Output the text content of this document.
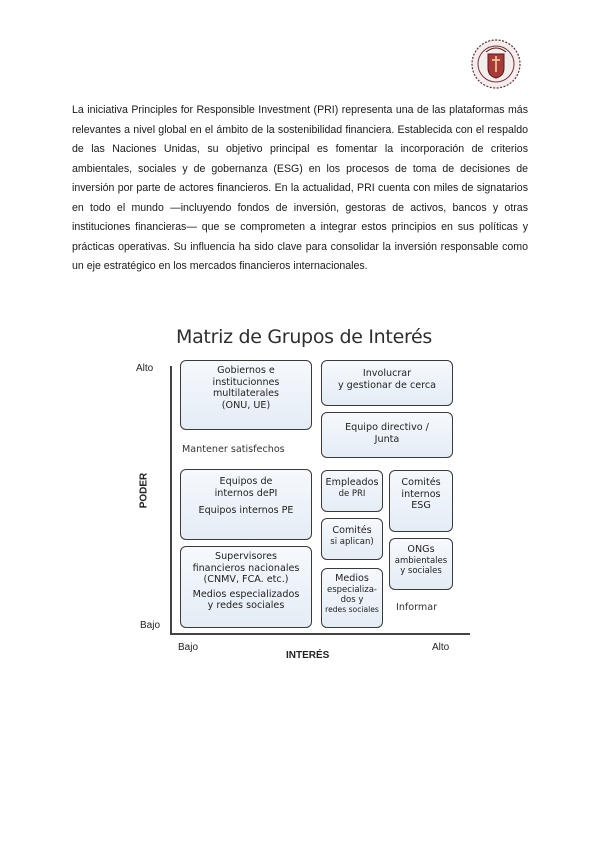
La iniciativa Principles for Responsible Investment (PRI) representa una de las plataformas más relevantes a nivel global en el ámbito de la sostenibilidad financiera. Establecida con el respaldo de las Naciones Unidas, su objetivo principal es fomentar la incorporación de criterios ambientales, sociales y de gobernanza (ESG) en los procesos de toma de decisiones de inversión por parte de actores financieros. En la actualidad, PRI cuenta con miles de signatarios en todo el mundo —incluyendo fondos de inversión, gestoras de activos, bancos y otras instituciones financieras— que se comprometen a integrar estos principios en sus políticas y prácticas operativas. Su influencia ha sido clave para consolidar la inversión responsable como un eje estratégico en los mercados financieros internacionales.

Matriz de Grupos de Interés
Alto
Bajo
Bajo	Alto
INTERÉS
PODER
Gobiernos e
institucionnes
multilaterales
(ONU, UE)
Mantener satisfechos
Equipos de
internos dePI
Equipos internos PE
Supervisores
financieros nacionales
(CNMV, FCA. etc.)
Medios especializados
y redes sociales
Involucrar
y gestionar de cerca
Equipo directivo /
Junta
Empleados
de PRI
Comités
internos
ESG
Comités
si aplican)
ONGs
ambientales
y sociales
Medios
especializa-
dos y
redes sociales	Informar
